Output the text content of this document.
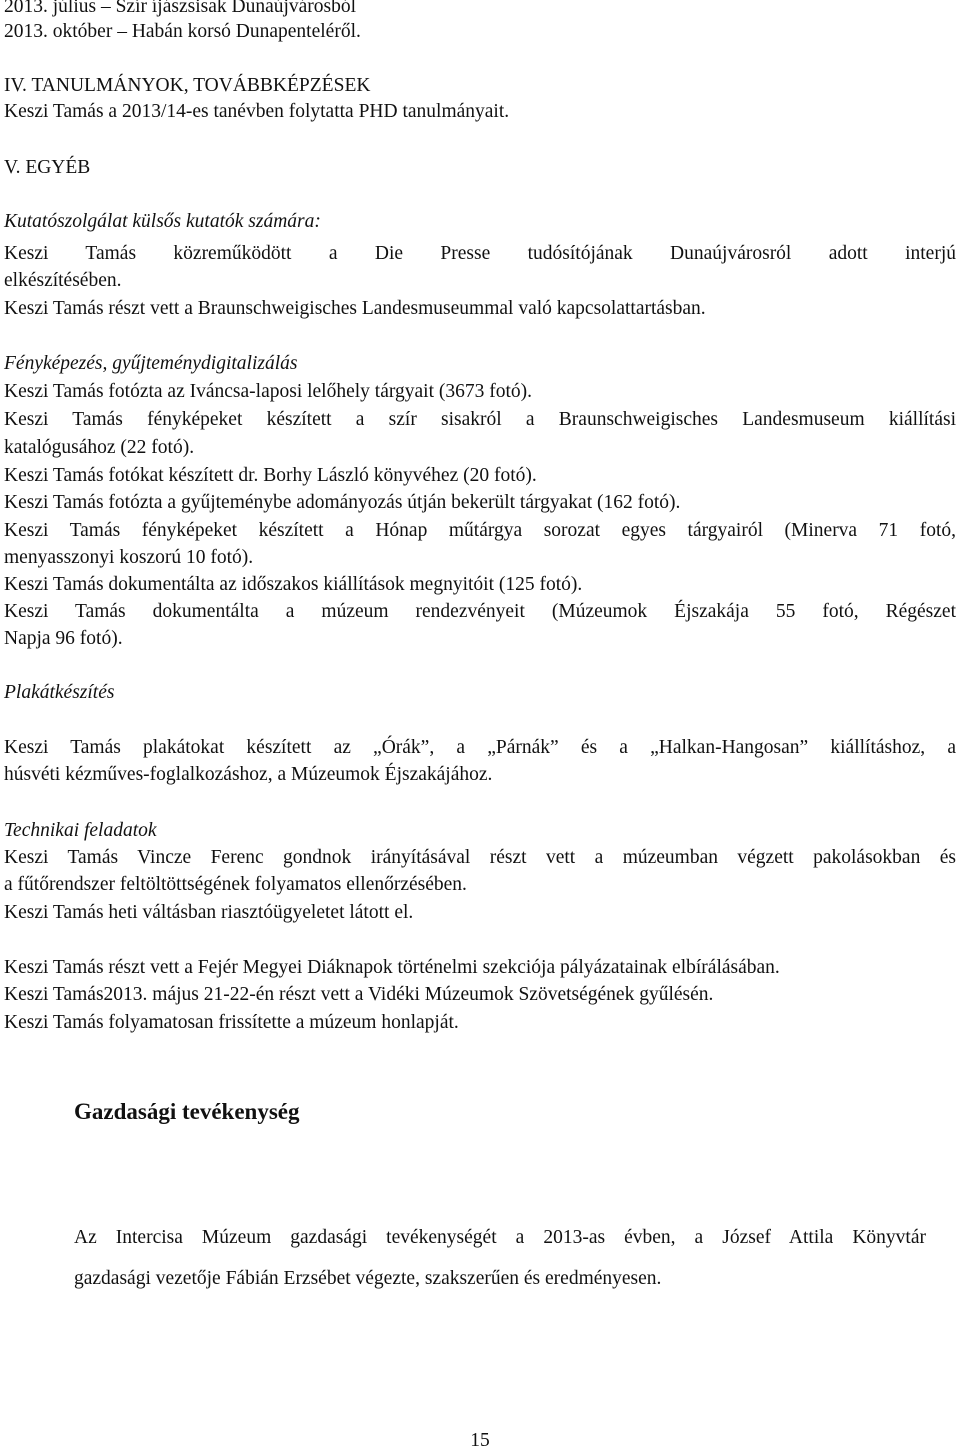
2013. július – Szír íjászsisak Dunaújvárosból
2013. október – Habán korsó Dunapenteléről.
IV. TANULMÁNYOK, TOVÁBBKÉPZÉSEK
Keszi Tamás a 2013/14-es tanévben folytatta PHD tanulmányait.
V. EGYÉB
Kutatószolgálat külsős kutatók számára:
Keszi Tamás közreműködött a Die Presse tudósítójának Dunaújvárosról adott interjú
elkészítésében.
Keszi Tamás részt vett a Braunschweigisches Landesmuseummal való kapcsolattartásban.
Fényképezés, gyűjteménydigitalizálás
Keszi Tamás fotózta az Iváncsa-laposi lelőhely tárgyait (3673 fotó).
Keszi Tamás fényképeket készített a szír sisakról a Braunschweigisches Landesmuseum kiállítási
katalógusához (22 fotó).
Keszi Tamás fotókat készített dr. Borhy László könyvéhez (20 fotó).
Keszi Tamás fotózta a gyűjteménybe adományozás útján bekerült tárgyakat (162 fotó).
Keszi Tamás fényképeket készített a Hónap műtárgya sorozat egyes tárgyairól (Minerva 71 fotó,
menyasszonyi koszorú 10 fotó).
Keszi Tamás dokumentálta az időszakos kiállítások megnyitóit (125 fotó).
Keszi Tamás dokumentálta a múzeum rendezvényeit (Múzeumok Éjszakája 55 fotó, Régészet
Napja 96 fotó).
Plakátkészítés
Keszi Tamás plakátokat készített az „Órák”, a „Párnák” és a „Halkan-Hangosan” kiállításhoz, a
húsvéti kézműves-foglalkozáshoz, a Múzeumok Éjszakájához.
Technikai feladatok
Keszi Tamás Vincze Ferenc gondnok irányításával részt vett a múzeumban végzett pakolásokban és
a fűtőrendszer feltöltöttségének folyamatos ellenőrzésében.
Keszi Tamás heti váltásban riasztóügyeletet látott el.
Keszi Tamás részt vett a Fejér Megyei Diáknapok történelmi szekciója pályázatainak elbírálásában.
Keszi Tamás2013. május 21-22-én részt vett a Vidéki Múzeumok Szövetségének gyűlésén.
Keszi Tamás folyamatosan frissítette a múzeum honlapját.
Gazdasági tevékenység
Az Intercisa Múzeum gazdasági tevékenységét a 2013-as évben, a József Attila Könyvtár
gazdasági vezetője Fábián Erzsébet végezte, szakszerűen és eredményesen.
15
